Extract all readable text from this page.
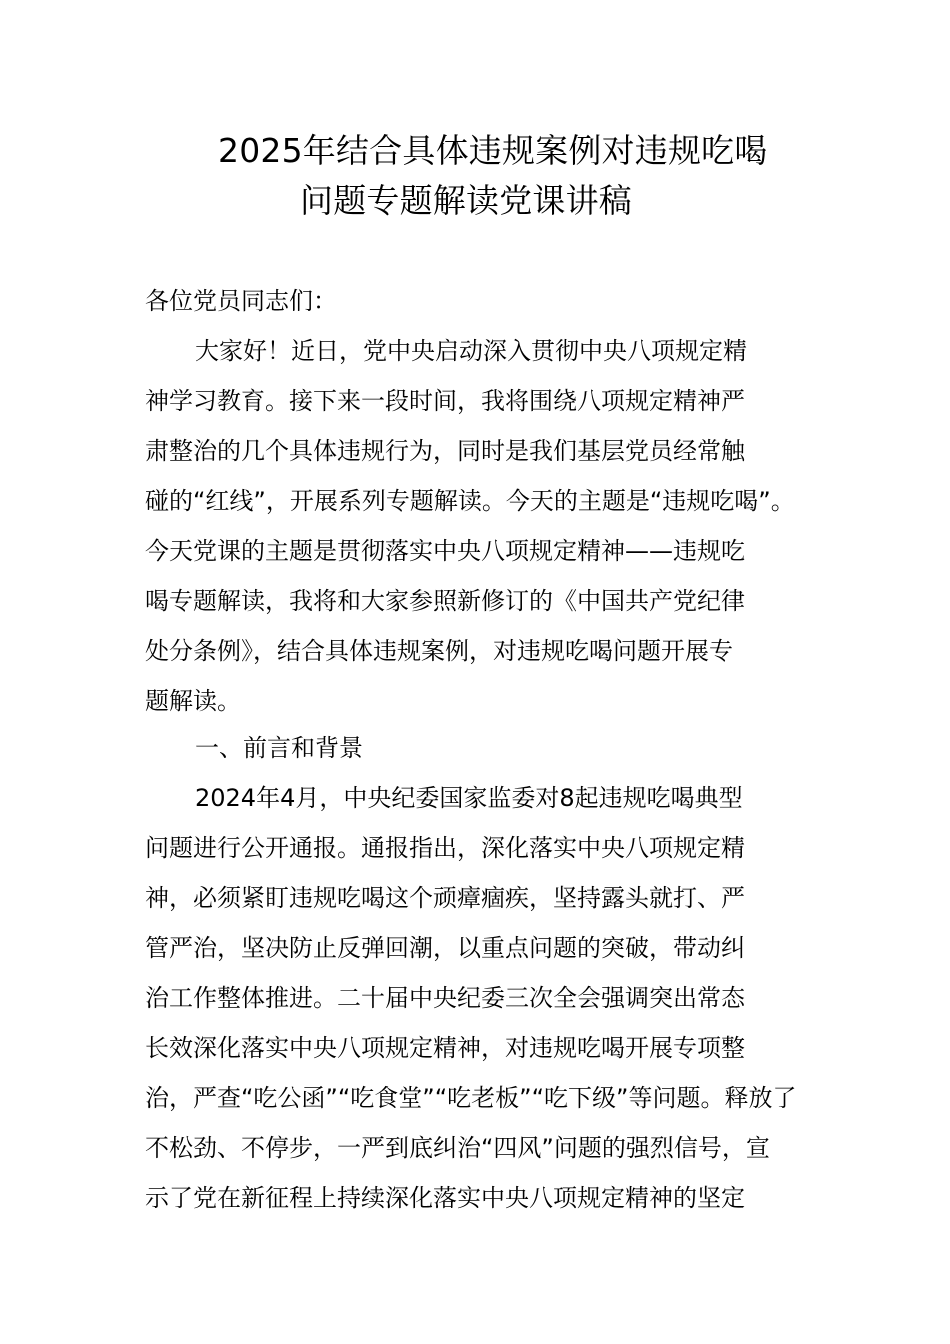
2025年结合具体违规案例对违规吃喝
问题专题解读党课讲稿
各位党员同志们：
大家好！近日，党中央启动深入贯彻中央八项规定精
神学习教育。接下来一段时间，我将围绕八项规定精神严
肃整治的几个具体违规行为，同时是我们基层党员经常触
碰的“红线”，开展系列专题解读。今天的主题是“违规吃喝”。
今天党课的主题是贯彻落实中央八项规定精神——违规吃
喝专题解读，我将和大家参照新修订的《中国共产党纪律
处分条例》，结合具体违规案例，对违规吃喝问题开展专
题解读。
一、前言和背景
2024年4月，中央纪委国家监委对8起违规吃喝典型
问题进行公开通报。通报指出，深化落实中央八项规定精
神，必须紧盯违规吃喝这个顽瘴痼疾，坚持露头就打、严
管严治，坚决防止反弹回潮，以重点问题的突破，带动纠
治工作整体推进。二十届中央纪委三次全会强调突出常态
长效深化落实中央八项规定精神，对违规吃喝开展专项整
治，严查“吃公函”“吃食堂”“吃老板”“吃下级”等问题。释放了
不松劲、不停步，一严到底纠治“四风”问题的强烈信号，宣
示了党在新征程上持续深化落实中央八项规定精神的坚定
